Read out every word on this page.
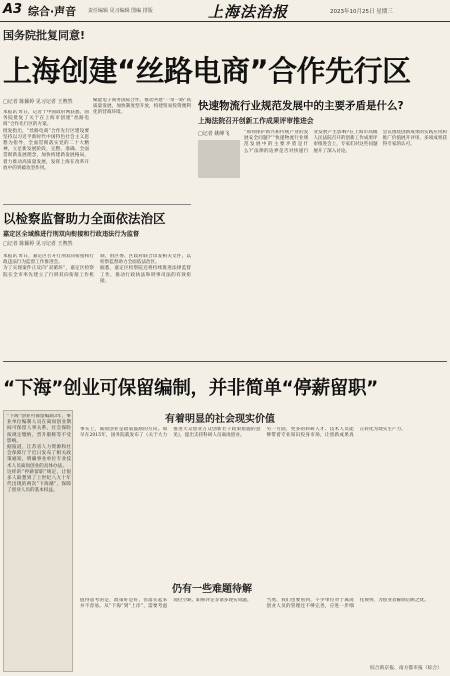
A3 综合·声音 责任编辑 见习编辑 图编 排版	上海法治报	2023年10月25日 星期三
国务院批复同意!
上海创建“丝路电商”合作先行区
□记者 陈颖婷 见习记者 王煦然

本报讯 昨日，记者于中国政府网获悉，国务院批复了关于在上海市创建“丝路电商”合作先行区的方案。

批复指出，“丝路电商”合作先行区建设要坚持以习近平新时代中国特色社会主义思想为指导，全面贯彻落实党的二十大精神，立足新发展阶段，完整、准确、全面贯彻新发展理念，加快构建新发展格局，着力推动高质量发展，发挥上海在改革开放中的突破攻坚作用。

赋能电子商务国际合作，推动共建“一带一路”高质量发展，加快制度型开放，构建贸易投资便利化的营商环境。

快速物流行业规范发展中的主要矛盾是什么?
上海法院召开创新工作成果评审推进会
□记者 姚峰飞	“如何保护新兴和传统产业的发展安全问题?”“快递物流行业规范发展中的主要矛盾是什么?”法律的边界是否对快递行业发展产生影响?在上海市高级人民法院召开的创新工作成果评审推进会上，专家们对这些问题展开了深入讨论。

会议围绕创新成果的实践应用和推广价值展开评审，多项成果获得专家的认可。

以检察监督助力全面依法治区
嘉定区全域推进行刑双向衔接和行政违法行为监督
□记者 陈颖婷 见习记者 王煦然

本报讯 昨日，嘉定区召开行刑双向衔接和行政违法行为监督工作推进会。

为了实现案件正反向“双循环”，嘉定区检察院在全市率先建立了行刑双向衔接工作机制，由区委、区政府联合印发相关文件，以检察监督助力全面依法治区。

据悉，嘉定区检察院还将持续推进法律监督工作，推动行政执法和刑事司法的有效衔接。

“下海”创业可保留编制，并非简单“停薪留职”

“下海”创业可保留编制3年，事业单位编制人员在离岗创业期间可保留人事关系，社会保险按规定缴纳，晋升职称等不受影响。

据报道，江苏省人力资源和社会保障厅于近日发布了相关政策通知，明确事业单位专业技术人员离岗创业的具体办法。

这样的“停薪留职”规定，让很多人联想到了上世纪八九十年代出现的两次“下海潮”，保障了创业人员的基本权益。

有着明显的社会现实价值

事实上，离岗创业是政策鼓励的方向。如早在2015年，国务院就发布了《关于大力推进大众创业万众创新若干政策措施的意见》，提出支持科研人员离岗创业。

另一方面，更多的科研人才、技术人员能够带着专业知识投身市场，让创新成果真正转化为现实生产力。

仍有一些难题待解

值得思考的是，政策好是好，但落实起来并不容易。从“下海”到“上岸”，需要考虑岗位空缺、职称评定等诸多现实问题。	当然，我们也要看到，不少单位对于离岗创业人员的管理还不够完善，应进一步细化规则，为创业者解除后顾之忧。

综合新京报、南方都市报（综合）
